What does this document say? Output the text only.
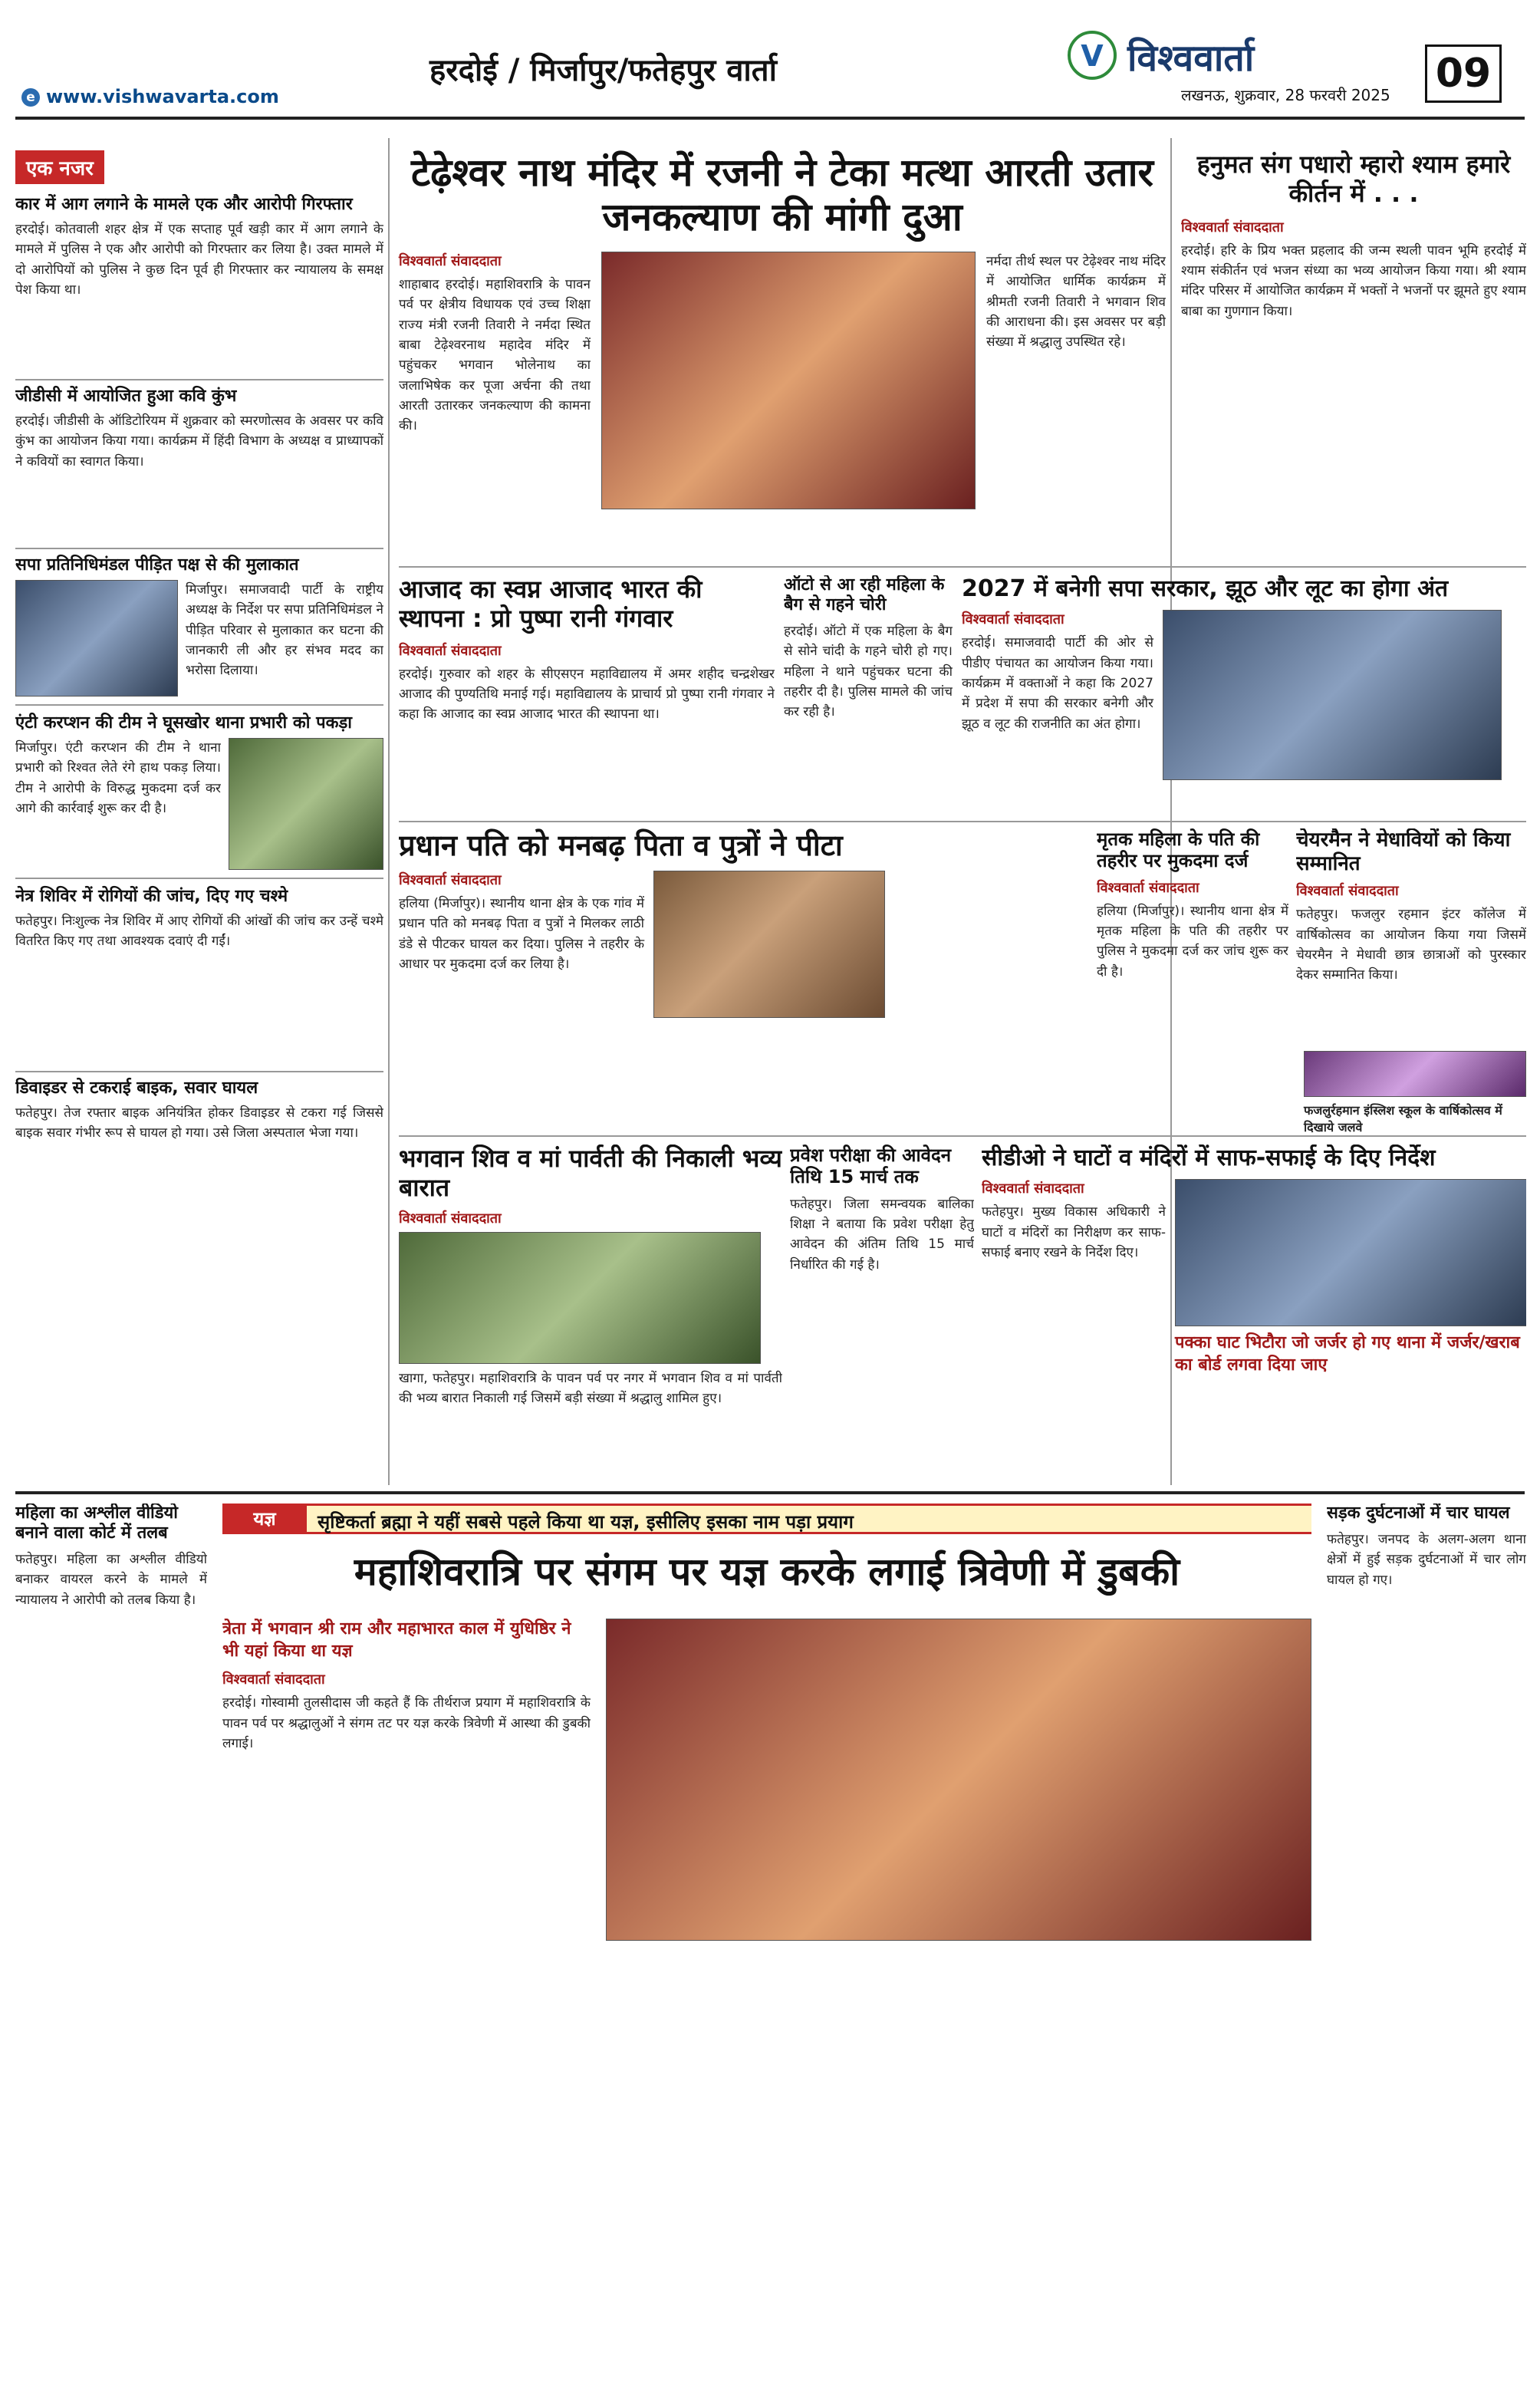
हरदोई / मिर्जापुर/फतेहपुर वार्ता
e www.vishwavarta.com
V विश्ववार्ता
लखनऊ, शुक्रवार, 28 फरवरी 2025 09
एक नजर
कार में आग लगाने के मामले एक और आरोपी गिरफ्तार
हरदोई। कोतवाली शहर क्षेत्र में एक सप्ताह पूर्व खड़ी कार में आग लगाने के मामले में पुलिस ने एक और आरोपी को गिरफ्तार कर लिया है। उक्त मामले में दो आरोपियों को पुलिस ने कुछ दिन पूर्व ही गिरफ्तार कर न्यायालय के समक्ष पेश किया था।
जीडीसी में आयोजित हुआ कवि कुंभ
हरदोई। जीडीसी के ऑडिटोरियम में शुक्रवार को स्मरणोत्सव के अवसर पर कवि कुंभ का आयोजन किया गया। कार्यक्रम में हिंदी विभाग के अध्यक्ष व प्राध्यापकों ने कवियों का स्वागत किया।
सपा प्रतिनिधिमंडल पीड़ित पक्ष से की मुलाकात
मिर्जापुर। समाजवादी पार्टी के राष्ट्रीय अध्यक्ष के निर्देश पर सपा प्रतिनिधिमंडल ने पीड़ित परिवार से मुलाकात कर घटना की जानकारी ली और हर संभव मदद का भरोसा दिलाया।
एंटी करप्शन की टीम ने घूसखोर थाना प्रभारी को पकड़ा
मिर्जापुर। एंटी करप्शन की टीम ने थाना प्रभारी को रिश्वत लेते रंगे हाथ पकड़ लिया। टीम ने आरोपी के विरुद्ध मुकदमा दर्ज कर आगे की कार्रवाई शुरू कर दी है।
नेत्र शिविर में रोगियों की जांच, दिए गए चश्मे
फतेहपुर। निःशुल्क नेत्र शिविर में आए रोगियों की आंखों की जांच कर उन्हें चश्मे वितरित किए गए तथा आवश्यक दवाएं दी गईं।
डिवाइडर से टकराई बाइक, सवार घायल
फतेहपुर। तेज रफ्तार बाइक अनियंत्रित होकर डिवाइडर से टकरा गई जिससे बाइक सवार गंभीर रूप से घायल हो गया। उसे जिला अस्पताल भेजा गया।
टेढ़ेश्वर नाथ मंदिर में रजनी ने टेका मत्था आरती उतार जनकल्याण की मांगी दुआ
विश्ववार्ता संवाददाता
शाहाबाद हरदोई। महाशिवरात्रि के पावन पर्व पर क्षेत्रीय विधायक एवं उच्च शिक्षा राज्य मंत्री रजनी तिवारी ने नर्मदा स्थित बाबा टेढ़ेश्वरनाथ महादेव मंदिर में पहुंचकर भगवान भोलेनाथ का जलाभिषेक कर पूजा अर्चना की तथा आरती उतारकर जनकल्याण की कामना की।
नर्मदा तीर्थ स्थल पर टेढ़ेश्वर नाथ मंदिर में आयोजित धार्मिक कार्यक्रम में श्रीमती रजनी तिवारी ने भगवान शिव की आराधना की। इस अवसर पर बड़ी संख्या में श्रद्धालु उपस्थित रहे।
हनुमत संग पधारो म्हारो श्याम हमारे कीर्तन में . . .
विश्ववार्ता संवाददाता
हरदोई। हरि के प्रिय भक्त प्रहलाद की जन्म स्थली पावन भूमि हरदोई में श्याम संकीर्तन एवं भजन संध्या का भव्य आयोजन किया गया। श्री श्याम मंदिर परिसर में आयोजित कार्यक्रम में भक्तों ने भजनों पर झूमते हुए श्याम बाबा का गुणगान किया।
आजाद का स्वप्न आजाद भारत की स्थापना : प्रो पुष्पा रानी गंगवार
विश्ववार्ता संवाददाता
हरदोई। गुरुवार को शहर के सीएसएन महाविद्यालय में अमर शहीद चन्द्रशेखर आजाद की पुण्यतिथि मनाई गई। महाविद्यालय के प्राचार्य प्रो पुष्पा रानी गंगवार ने कहा कि आजाद का स्वप्न आजाद भारत की स्थापना था।
ऑटो से आ रही महिला के बैग से गहने चोरी
हरदोई। ऑटो में एक महिला के बैग से सोने चांदी के गहने चोरी हो गए। महिला ने थाने पहुंचकर घटना की तहरीर दी है। पुलिस मामले की जांच कर रही है।
2027 में बनेगी सपा सरकार, झूठ और लूट का होगा अंत
विश्ववार्ता संवाददाता
हरदोई। समाजवादी पार्टी की ओर से पीडीए पंचायत का आयोजन किया गया। कार्यक्रम में वक्ताओं ने कहा कि 2027 में प्रदेश में सपा की सरकार बनेगी और झूठ व लूट की राजनीति का अंत होगा।
प्रधान पति को मनबढ़ पिता व पुत्रों ने पीटा
विश्ववार्ता संवाददाता
हलिया (मिर्जापुर)। स्थानीय थाना क्षेत्र के एक गांव में प्रधान पति को मनबढ़ पिता व पुत्रों ने मिलकर लाठी डंडे से पीटकर घायल कर दिया। पुलिस ने तहरीर के आधार पर मुकदमा दर्ज कर लिया है।
मृतक महिला के पति की तहरीर पर मुकदमा दर्ज
विश्ववार्ता संवाददाता
हलिया (मिर्जापुर)। स्थानीय थाना क्षेत्र में मृतक महिला के पति की तहरीर पर पुलिस ने मुकदमा दर्ज कर जांच शुरू कर दी है।
चेयरमैन ने मेधावियों को किया सम्मानित
विश्ववार्ता संवाददाता
फतेहपुर। फजलुर रहमान इंटर कॉलेज में वार्षिकोत्सव का आयोजन किया गया जिसमें चेयरमैन ने मेधावी छात्र छात्राओं को पुरस्कार देकर सम्मानित किया।
फजलुर्रहमान इंस्लिश स्कूल के वार्षिकोत्सव में दिखाये जलवे
भगवान शिव व मां पार्वती की निकाली भव्य बारात
विश्ववार्ता संवाददाता
खागा, फतेहपुर। महाशिवरात्रि के पावन पर्व पर नगर में भगवान शिव व मां पार्वती की भव्य बारात निकाली गई जिसमें बड़ी संख्या में श्रद्धालु शामिल हुए।
प्रवेश परीक्षा की आवेदन तिथि 15 मार्च तक
फतेहपुर। जिला समन्वयक बालिका शिक्षा ने बताया कि प्रवेश परीक्षा हेतु आवेदन की अंतिम तिथि 15 मार्च निर्धारित की गई है।
सीडीओ ने घाटों व मंदिरों में साफ-सफाई के दिए निर्देश
विश्ववार्ता संवाददाता
फतेहपुर। मुख्य विकास अधिकारी ने घाटों व मंदिरों का निरीक्षण कर साफ-सफाई बनाए रखने के निर्देश दिए।
पक्का घाट भिटौरा जो जर्जर हो गए थाना में जर्जर/खराब का बोर्ड लगवा दिया जाए
महिला का अश्लील वीडियो बनाने वाला कोर्ट में तलब
फतेहपुर। महिला का अश्लील वीडियो बनाकर वायरल करने के मामले में न्यायालय ने आरोपी को तलब किया है।
यज्ञ	सृष्टिकर्ता ब्रह्मा ने यहीं सबसे पहले किया था यज्ञ, इसीलिए इसका नाम पड़ा प्रयाग	सड़क दुर्घटनाओं में चार घायल
फतेहपुर। जनपद के अलग-अलग थाना क्षेत्रों में हुई सड़क दुर्घटनाओं में चार लोग घायल हो गए।
महाशिवरात्रि पर संगम पर यज्ञ करके लगाई त्रिवेणी में डुबकी
त्रेता में भगवान श्री राम और महाभारत काल में युधिष्ठिर ने भी यहां किया था यज्ञ
विश्ववार्ता संवाददाता
हरदोई। गोस्वामी तुलसीदास जी कहते हैं कि तीर्थराज प्रयाग में महाशिवरात्रि के पावन पर्व पर श्रद्धालुओं ने संगम तट पर यज्ञ करके त्रिवेणी में आस्था की डुबकी लगाई।
